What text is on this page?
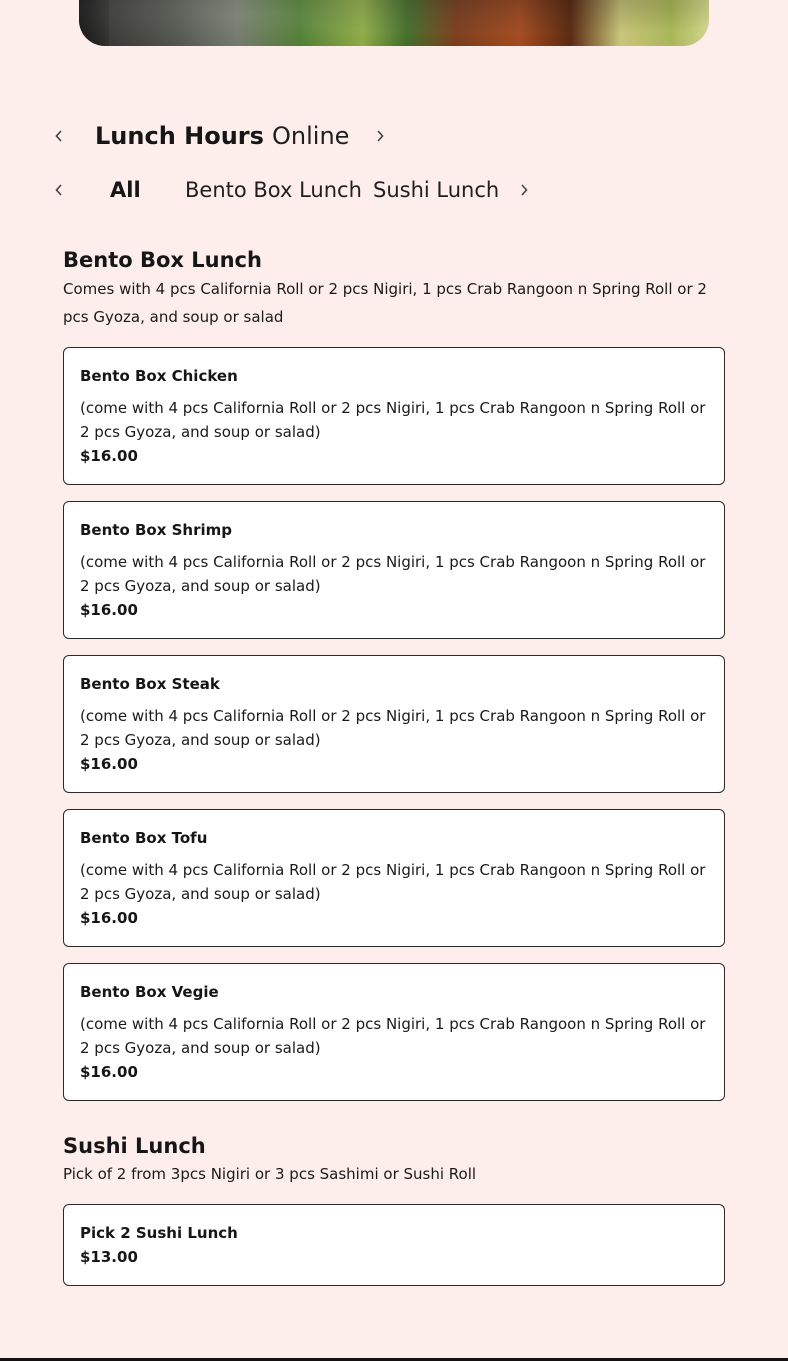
Lunch Hours Online
All Bento Box Lunch Sushi Lunch
Bento Box Lunch

Comes with 4 pcs California Roll or 2 pcs Nigiri, 1 pcs Crab Rangoon n Spring Roll or 2 pcs Gyoza, and soup or salad

Bento Box Chicken

(come with 4 pcs California Roll or 2 pcs Nigiri, 1 pcs Crab Rangoon n Spring Roll or 2 pcs Gyoza, and soup or salad)

$16.00

Bento Box Shrimp

(come with 4 pcs California Roll or 2 pcs Nigiri, 1 pcs Crab Rangoon n Spring Roll or 2 pcs Gyoza, and soup or salad)

$16.00

Bento Box Steak

(come with 4 pcs California Roll or 2 pcs Nigiri, 1 pcs Crab Rangoon n Spring Roll or 2 pcs Gyoza, and soup or salad)

$16.00

Bento Box Tofu

(come with 4 pcs California Roll or 2 pcs Nigiri, 1 pcs Crab Rangoon n Spring Roll or 2 pcs Gyoza, and soup or salad)

$16.00

Bento Box Vegie

(come with 4 pcs California Roll or 2 pcs Nigiri, 1 pcs Crab Rangoon n Spring Roll or 2 pcs Gyoza, and soup or salad)

$16.00

Sushi Lunch

Pick of 2 from 3pcs Nigiri or 3 pcs Sashimi or Sushi Roll

Pick 2 Sushi Lunch

$13.00
